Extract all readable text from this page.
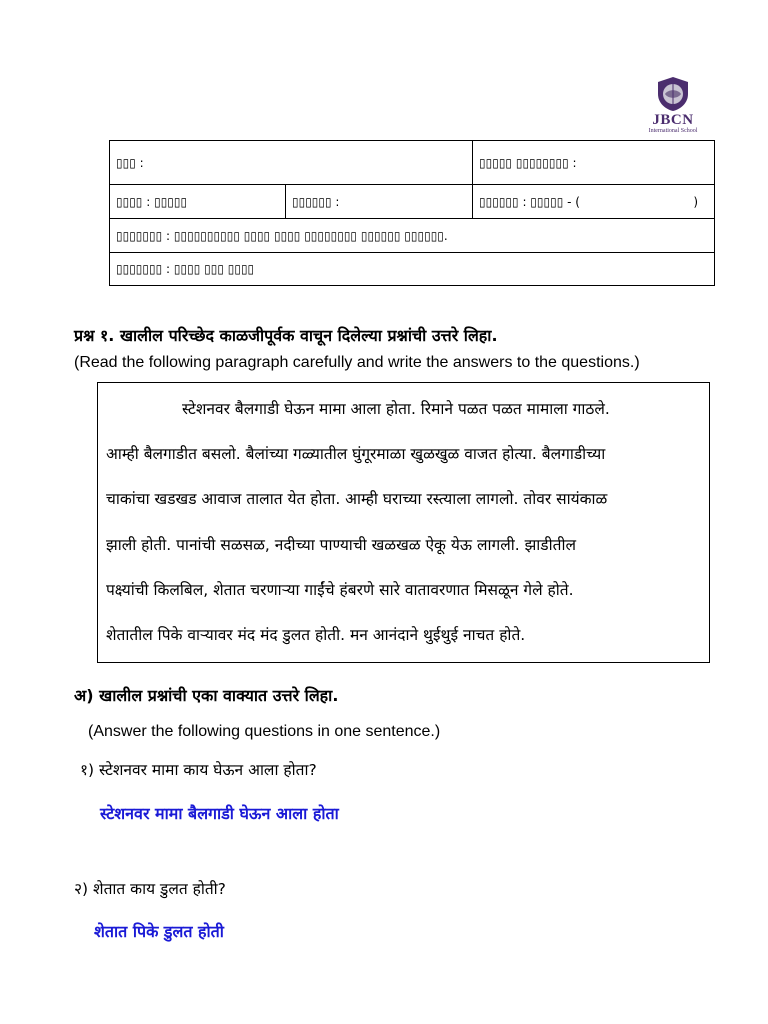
JBCN
International School
▯▯▯ :		▯▯▯▯▯ ▯▯▯▯▯▯▯▯ :
▯▯▯▯ : ▯▯▯▯▯	▯▯▯▯▯▯ :	▯▯▯▯▯▯ : ▯▯▯▯▯ - ( )

▯▯▯▯▯▯▯ : ▯▯▯▯▯▯▯▯▯▯ ▯▯▯▯ ▯▯▯▯ ▯▯▯▯▯▯▯▯ ▯▯▯▯▯▯ ▯▯▯▯▯▯.		
▯▯▯▯▯▯▯ : ▯▯▯▯ ▯▯▯ ▯▯▯▯		
प्रश्न १. खालील परिच्छेद काळजीपूर्वक वाचून दिलेल्या प्रश्नांची उत्तरे लिहा.
(Read the following paragraph carefully and write the answers to the questions.)
स्टेशनवर बैलगाडी घेऊन मामा आला होता. रिमाने पळत पळत मामाला गाठले.
आम्ही बैलगाडीत बसलो. बैलांच्या गळ्यातील घुंगूरमाळा खुळखुळ वाजत होत्या. बैलगाडीच्या
चाकांचा खडखड आवाज तालात येत होता. आम्ही घराच्या रस्त्याला लागलो. तोवर सायंकाळ
झाली होती. पानांची सळसळ, नदीच्या पाण्याची खळखळ ऐकू येऊ लागली. झाडीतील
पक्ष्यांची किलबिल, शेतात चरणाऱ्या गाईंचे हंबरणे सारे वातावरणात मिसळून गेले होते.
शेतातील पिके वाऱ्यावर मंद मंद डुलत होती. मन आनंदाने थुईथुई नाचत होते.
अ) खालील प्रश्नांची एका वाक्यात उत्तरे लिहा.
(Answer the following questions in one sentence.)
१) स्टेशनवर मामा काय घेऊन आला होता?
स्टेशनवर मामा बैलगाडी घेऊन आला होता
२) शेतात काय डुलत होती?
शेतात पिके डुलत होती
